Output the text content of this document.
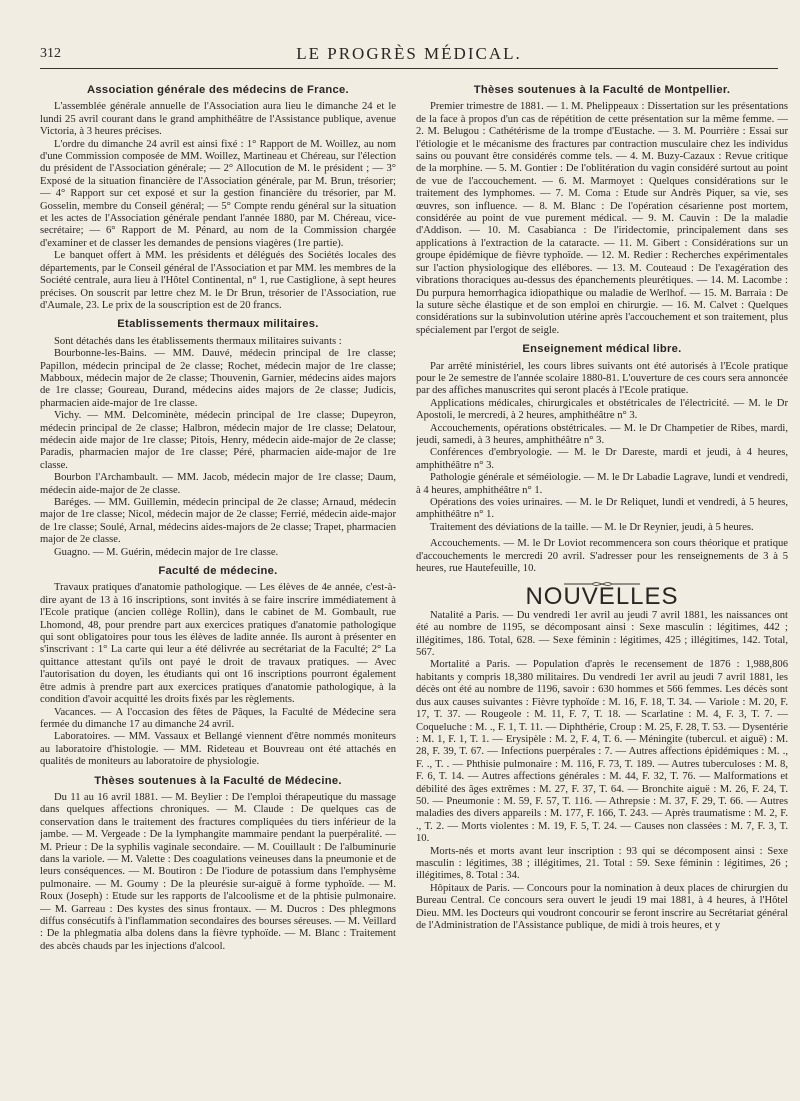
312	LE PROGRÈS MÉDICAL.
Association générale des médecins de France.

L'assemblée générale annuelle de l'Association aura lieu le dimanche 24 et le lundi 25 avril courant dans le grand amphithéâtre de l'Assistance publique, avenue Victoria, à 3 heures précises.

L'ordre du dimanche 24 avril est ainsi fixé : 1° Rapport de M. Woillez, au nom d'une Commission composée de MM. Woillez, Martineau et Chéreau, sur l'élection du président de l'Association générale; — 2° Allocution de M. le président ; — 3° Exposé de la situation financière de l'Association générale, par M. Brun, trésorier; — 4° Rapport sur cet exposé et sur la gestion financière du trésorier, par M. Gosselin, membre du Conseil général; — 5° Compte rendu général sur la situation et les actes de l'Association générale pendant l'année 1880, par M. Chéreau, vice-secrétaire; — 6° Rapport de M. Pénard, au nom de la Commission chargée d'examiner et de classer les demandes de pensions viagères (1re partie).

Le banquet offert à MM. les présidents et délégués des Sociétés locales des départements, par le Conseil général de l'Association et par MM. les membres de la Société centrale, aura lieu à l'Hôtel Continental, n° 1, rue Castiglione, à sept heures précises. On souscrit par lettre chez M. le Dr Brun, trésorier de l'Association, rue d'Aumale, 23. Le prix de la souscription est de 20 francs.

Etablissements thermaux militaires.

Sont détachés dans les établissements thermaux militaires suivants :

Bourbonne-les-Bains. — MM. Dauvé, médecin principal de 1re classe; Papillon, médecin principal de 2e classe; Rochet, médecin major de 1re classe; Mabboux, médecin major de 2e classe; Thouvenin, Garnier, médecins aides majors de 1re classe; Goureau, Durand, médecins aides majors de 2e classe; Judicis, pharmacien aide-major de 1re classe.

Vichy. — MM. Delcominète, médecin principal de 1re classe; Dupeyron, médecin principal de 2e classe; Halbron, médecin major de 1re classe; Delatour, médecin aide major de 1re classe; Pitois, Henry, médecin aide-major de 2e classe; Paradis, pharmacien major de 1re classe; Péré, pharmacien aide-major de 1re classe.

Bourbon l'Archambault. — MM. Jacob, médecin major de 1re classe; Daum, médecin aide-major de 2e classe.

Baréges. — MM. Guillemin, médecin principal de 2e classe; Arnaud, médecin major de 1re classe; Nicol, médecin major de 2e classe; Ferrié, médecin aide-major de 1re classe; Soulé, Arnal, médecins aides-majors de 2e classe; Trapet, pharmacien major de 2e classe.

Guagno. — M. Guérin, médecin major de 1re classe.

Faculté de médecine.

Travaux pratiques d'anatomie pathologique. — Les élèves de 4e année, c'est-à-dire ayant de 13 à 16 inscriptions, sont invités à se faire inscrire immédiatement à l'Ecole pratique (ancien collège Rollin), dans le cabinet de M. Gombault, rue Lhomond, 48, pour prendre part aux exercices pratiques d'anatomie pathologique qui sont obligatoires pour tous les élèves de ladite année. Ils auront à présenter en s'inscrivant : 1° La carte qui leur a été délivrée au secrétariat de la Faculté; 2° La quittance attestant qu'ils ont payé le droit de travaux pratiques. — Avec l'autorisation du doyen, les étudiants qui ont 16 inscriptions pourront également être admis à prendre part aux exercices pratiques d'anatomie pathologique, à la condition d'avoir acquitté les droits fixés par les règlements.

Vacances. — A l'occasion des fêtes de Pâques, la Faculté de Médecine sera fermée du dimanche 17 au dimanche 24 avril.

Laboratoires. — MM. Vassaux et Bellangé viennent d'être nommés moniteurs au laboratoire d'histologie. — MM. Rideteau et Bouvreau ont été attachés en qualités de moniteurs au laboratoire de physiologie.

Thèses soutenues à la Faculté de Médecine.

Du 11 au 16 avril 1881. — M. Beylier : De l'emploi thérapeutique du massage dans quelques affections chroniques. — M. Claude : De quelques cas de conservation dans le traitement des fractures compliquées du tiers inférieur de la jambe. — M. Vergeade : De la lymphangite mammaire pendant la puerpéralité. — M. Prieur : De la syphilis vaginale secondaire. — M. Couillault : De l'albuminurie dans la variole. — M. Valette : Des coagulations veineuses dans la pneumonie et de leurs conséquences. — M. Boutiron : De l'iodure de potassium dans l'emphysème pulmonaire. — M. Goumy : De la pleurésie sur-aiguë à forme typhoïde. — M. Roux (Joseph) : Etude sur les rapports de l'alcoolisme et de la phtisie pulmonaire. — M. Garreau : Des kystes des sinus frontaux. — M. Ducros : Des phlegmons diffus consécutifs à l'inflammation secondaires des bourses séreuses. — M. Veillard : De la phlegmatia alba dolens dans la fièvre typhoïde. — M. Blanc : Traitement des abcès chauds par les injections d'alcool.

Thèses soutenues à la Faculté de Montpellier.

Premier trimestre de 1881. — 1. M. Phelippeaux : Dissertation sur les présentations de la face à propos d'un cas de répétition de cette présentation sur la même femme. — 2. M. Belugou : Cathétérisme de la trompe d'Eustache. — 3. M. Pourrière : Essai sur l'étiologie et le mécanisme des fractures par contraction musculaire chez les individus sains ou pouvant être considérés comme tels. — 4. M. Buzy-Cazaux : Revue critique de la morphine. — 5. M. Gontier : De l'oblitération du vagin considéré surtout au point de vue de l'accouchement. — 6. M. Marmoyet : Quelques considérations sur le traitement des lymphomes. — 7. M. Coma : Etude sur Andrès Piquer, sa vie, ses œuvres, son influence. — 8. M. Blanc : De l'opération césarienne post mortem, considérée au point de vue purement médical. — 9. M. Cauvin : De la maladie d'Addison. — 10. M. Casabianca : De l'iridectomie, principalement dans ses applications à l'extraction de la cataracte. — 11. M. Gibert : Considérations sur un groupe épidémique de fièvre typhoïde. — 12. M. Redier : Recherches expérimentales sur l'action physiologique des ellébores. — 13. M. Couteaud : De l'exagération des vibrations thoraciques au-dessus des épanchements pleurétiques. — 14. M. Lacombe : Du purpura hemorrhagica idiopathique ou maladie de Werlhof. — 15. M. Barraia : De la suture sèche élastique et de son emploi en chirurgie. — 16. M. Calvet : Quelques considérations sur la subinvolution utérine après l'accouchement et son traitement, plus spécialement par l'ergot de seigle.

Enseignement médical libre.

Par arrêté ministériel, les cours libres suivants ont été autorisés à l'Ecole pratique pour le 2e semestre de l'année scolaire 1880-81. L'ouverture de ces cours sera annoncée par des affiches manuscrites qui seront placés à l'Ecole pratique.

Applications médicales, chirurgicales et obstétricales de l'électricité. — M. le Dr Apostoli, le mercredi, à 2 heures, amphithéâtre n° 3.

Accouchements, opérations obstétricales. — M. le Dr Champetier de Ribes, mardi, jeudi, samedi, à 3 heures, amphithéâtre n° 3.

Conférences d'embryologie. — M. le Dr Dareste, mardi et jeudi, à 4 heures, amphithéâtre n° 3.

Pathologie générale et séméiologie. — M. le Dr Labadie Lagrave, lundi et vendredi, à 4 heures, amphithéâtre n° 1.

Opérations des voies urinaires. — M. le Dr Reliquet, lundi et vendredi, à 5 heures, amphithéâtre n° 1.

Traitement des déviations de la taille. — M. le Dr Reynier, jeudi, à 5 heures.

Accouchements. — M. le Dr Loviot recommencera son cours théorique et pratique d'accouchements le mercredi 20 avril. S'adresser pour les renseignements de 3 à 5 heures, rue Hautefeuille, 10.

NOUVELLES

Natalité a Paris. — Du vendredi 1er avril au jeudi 7 avril 1881, les naissances ont été au nombre de 1195, se décomposant ainsi : Sexe masculin : légitimes, 442 ; illégitimes, 186. Total, 628. — Sexe féminin : légitimes, 425 ; illégitimes, 142. Total, 567.

Mortalité a Paris. — Population d'après le recensement de 1876 : 1,988,806 habitants y compris 18,380 militaires. Du vendredi 1er avril au jeudi 7 avril 1881, les décès ont été au nombre de 1196, savoir : 630 hommes et 566 femmes. Les décès sont dus aux causes suivantes : Fièvre typhoïde : M. 16, F. 18, T. 34. — Variole : M. 20, F. 17, T. 37. — Rougeole : M. 11, F. 7, T. 18. — Scarlatine : M. 4, F. 3, T. 7. — Coqueluche : M. ., F. 1, T. 11. — Diphthérie, Croup : M. 25, F. 28, T. 53. — Dysentérie : M. 1, F. 1, T. 1. — Erysipèle : M. 2, F. 4, T. 6. — Méningite (tubercul. et aiguë) : M. 28, F. 39, T. 67. — Infections puerpérales : 7. — Autres affections épidémiques : M. ., F. ., T. . — Phthisie pulmonaire : M. 116, F. 73, T. 189. — Autres tuberculoses : M. 8, F. 6, T. 14. — Autres affections générales : M. 44, F. 32, T. 76. — Malformations et débilité des âges extrêmes : M. 27, F. 37, T. 64. — Bronchite aiguë : M. 26, F. 24, T. 50. — Pneumonie : M. 59, F. 57, T. 116. — Athrepsie : M. 37, F. 29, T. 66. — Autres maladies des divers appareils : M. 177, F. 166, T. 243. — Après traumatisme : M. 2, F. ., T. 2. — Morts violentes : M. 19, F. 5, T. 24. — Causes non classées : M. 7, F. 3, T. 10.

Morts-nés et morts avant leur inscription : 93 qui se décomposent ainsi : Sexe masculin : légitimes, 38 ; illégitimes, 21. Total : 59. Sexe féminin : légitimes, 26 ; illégitimes, 8. Total : 34.

Hôpitaux de Paris. — Concours pour la nomination à deux places de chirurgien du Bureau Central. Ce concours sera ouvert le jeudi 19 mai 1881, à 4 heures, à l'Hôtel Dieu. MM. les Docteurs qui voudront concourir se feront inscrire au Secrétariat général de l'Administration de l'Assistance publique, de midi à trois heures, et y
